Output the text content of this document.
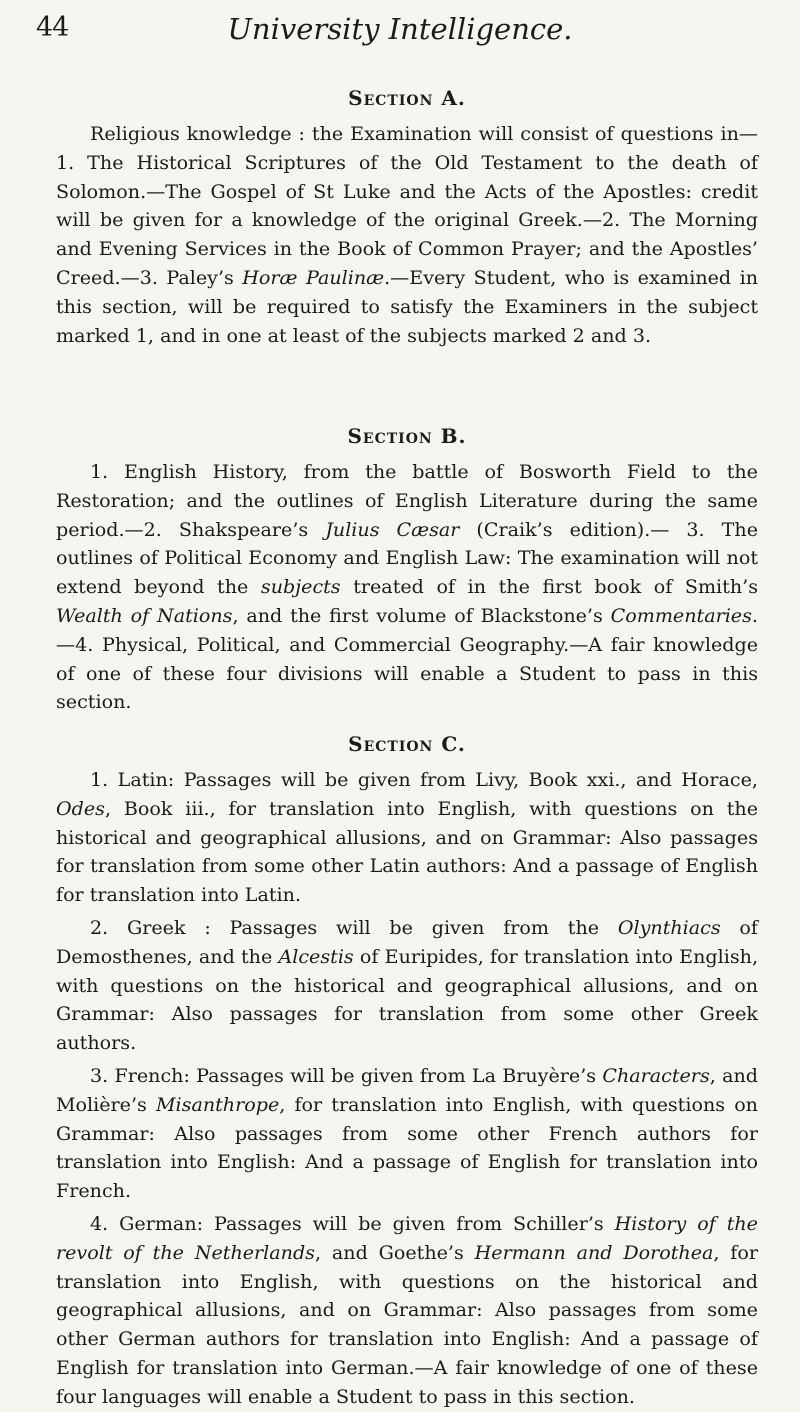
44	University Intelligence.
Section A.

Religious knowledge : the Examination will consist of questions in—1. The Historical Scriptures of the Old Testament to the death of Solomon.—The Gospel of St Luke and the Acts of the Apostles: credit will be given for a knowledge of the original Greek.—2. The Morning and Evening Services in the Book of Common Prayer; and the Apostles’ Creed.—3. Paley’s Horæ Paulinæ.—Every Student, who is examined in this section, will be required to satisfy the Examiners in the subject marked 1, and in one at least of the subjects marked 2 and 3.

Section B.

1. English History, from the battle of Bosworth Field to the Restoration; and the outlines of English Literature during the same period.—2. Shakspeare’s Julius Cæsar (Craik’s edition).— 3. The outlines of Political Economy and English Law: The examination will not extend beyond the subjects treated of in the first book of Smith’s Wealth of Nations, and the first volume of Blackstone’s Commentaries.—4. Physical, Political, and Commercial Geography.—A fair knowledge of one of these four divisions will enable a Student to pass in this section.

Section C.

1. Latin: Passages will be given from Livy, Book xxi., and Horace, Odes, Book iii., for translation into English, with questions on the historical and geographical allusions, and on Grammar: Also passages for translation from some other Latin authors: And a passage of English for translation into Latin.

2. Greek : Passages will be given from the Olynthiacs of Demosthenes, and the Alcestis of Euripides, for translation into English, with questions on the historical and geographical allusions, and on Grammar: Also passages for translation from some other Greek authors.

3. French: Passages will be given from La Bruyère’s Characters, and Molière’s Misanthrope, for translation into English, with questions on Grammar: Also passages from some other French authors for translation into English: And a passage of English for translation into French.

4. German: Passages will be given from Schiller’s History of the revolt of the Netherlands, and Goethe’s Hermann and Dorothea, for translation into English, with questions on the historical and geographical allusions, and on Grammar: Also passages from some other German authors for translation into English: And a passage of English for translation into German.—A fair knowledge of one of these four languages will enable a Student to pass in this section.
